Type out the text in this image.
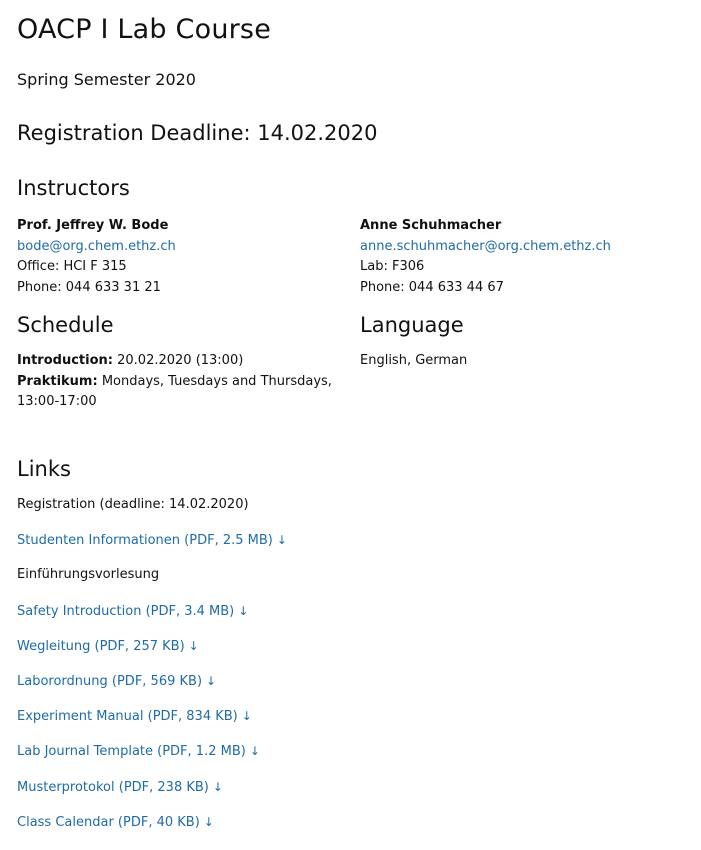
OACP I Lab Course
Spring Semester 2020
Registration Deadline: 14.02.2020
Instructors
Prof. Jeffrey W. Bode
bode@org.chem.ethz.ch
Office: HCI F 315
Phone: 044 633 31 21
Anne Schuhmacher
anne.schuhmacher@org.chem.ethz.ch
Lab: F306
Phone: 044 633 44 67
Schedule
Introduction: 20.02.2020 (13:00)
Praktikum: Mondays, Tuesdays and Thursdays,
13:00-17:00
Language
English, German
Links
Registration (deadline: 14.02.2020)
Studenten Informationen (PDF, 2.5 MB) ↓
Einführungsvorlesung
Safety Introduction (PDF, 3.4 MB) ↓
Wegleitung (PDF, 257 KB) ↓
Laborordnung (PDF, 569 KB) ↓
Experiment Manual (PDF, 834 KB) ↓
Lab Journal Template (PDF, 1.2 MB) ↓
Musterprotokol (PDF, 238 KB) ↓
Class Calendar (PDF, 40 KB) ↓
